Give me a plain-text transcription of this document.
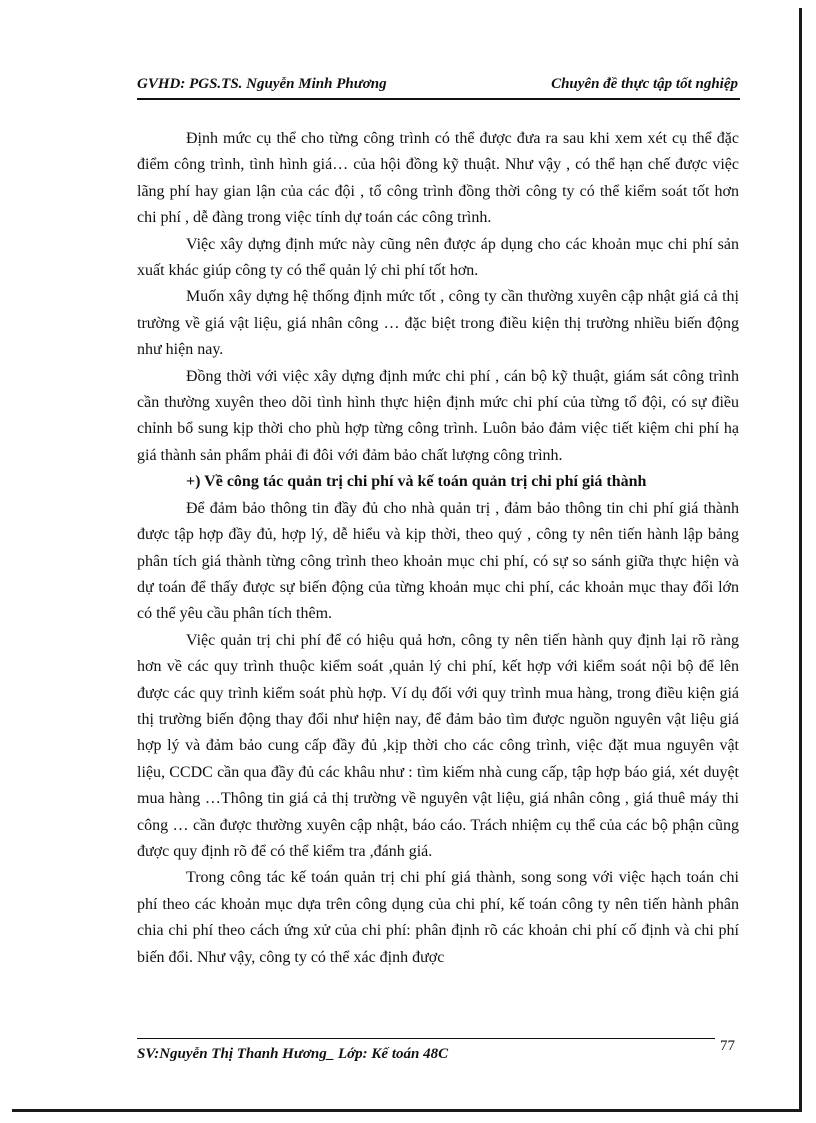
GVHD: PGS.TS. Nguyễn Minh Phương	Chuyên đề thực tập tốt nghiệp

Định mức cụ thể cho từng công trình có thể được đưa ra sau khi xem xét cụ thể đặc điểm công trình, tình hình giá… của hội đồng kỹ thuật. Như vậy , có thể hạn chế được việc lãng phí hay gian lận của các đội , tổ công trình đồng thời công ty có thể kiểm soát tốt hơn chi phí , dễ đàng trong việc tính dự toán các công trình.

Việc xây dựng định mức này cũng nên được áp dụng cho các khoản mục chi phí sản xuất khác giúp công ty có thể quản lý chi phí tốt hơn.

Muốn xây dựng hệ thống định mức tốt , công ty cần thường xuyên cập nhật giá cả thị trường về giá vật liệu, giá nhân công … đặc biệt trong điều kiện thị trường nhiều biến động như hiện nay.

Đồng thời với việc xây dựng định mức chi phí , cán bộ kỹ thuật, giám sát công trình cần thường xuyên theo dõi tình hình thực hiện định mức chi phí của từng tổ đội, có sự điều chỉnh bổ sung kịp thời cho phù hợp từng công trình. Luôn bảo đảm việc tiết kiệm chi phí hạ giá thành sản phẩm phải đi đôi với đảm bảo chất lượng công trình.

+) Về công tác quản trị chi phí và kế toán quản trị chi phí giá thành

Để đảm bảo thông tin đầy đủ cho nhà quản trị , đảm bảo thông tin chi phí giá thành được tập hợp đầy đủ, hợp lý, dễ hiểu và kịp thời, theo quý , công ty nên tiến hành lập bảng phân tích giá thành từng công trình theo khoản mục chi phí, có sự so sánh giữa thực hiện và dự toán để thấy được sự biến động của từng khoản mục chi phí, các khoản mục thay đổi lớn có thể yêu cầu phân tích thêm.

Việc quản trị chi phí để có hiệu quả hơn, công ty nên tiến hành quy định lại rõ ràng hơn về các quy trình thuộc kiểm soát ,quản lý chi phí, kết hợp với kiểm soát nội bộ để lên được các quy trình kiểm soát phù hợp. Ví dụ đối với quy trình mua hàng, trong điều kiện giá thị trường biến động thay đổi như hiện nay, để đảm bảo tìm được nguồn nguyên vật liệu giá hợp lý và đảm bảo cung cấp đầy đủ ,kịp thời cho các công trình, việc đặt mua nguyên vật liệu, CCDC cần qua đầy đủ các khâu như : tìm kiếm nhà cung cấp, tập hợp báo giá, xét duyệt mua hàng …Thông tin giá cả thị trường về nguyên vật liệu, giá nhân công , giá thuê máy thi công … cần được thường xuyên cập nhật, báo cáo. Trách nhiệm cụ thể của các bộ phận cũng được quy định rõ để có thể kiểm tra ,đánh giá.

Trong công tác kế toán quản trị chi phí giá thành, song song với việc hạch toán chi phí theo các khoản mục dựa trên công dụng của chi phí, kế toán công ty nên tiến hành phân chia chi phí theo cách ứng xử của chi phí: phân định rõ các khoản chi phí cố định và chi phí biến đổi. Như vậy, công ty có thể xác định được

SV:Nguyễn Thị Thanh Hương_ Lớp: Kế toán 48C	77
